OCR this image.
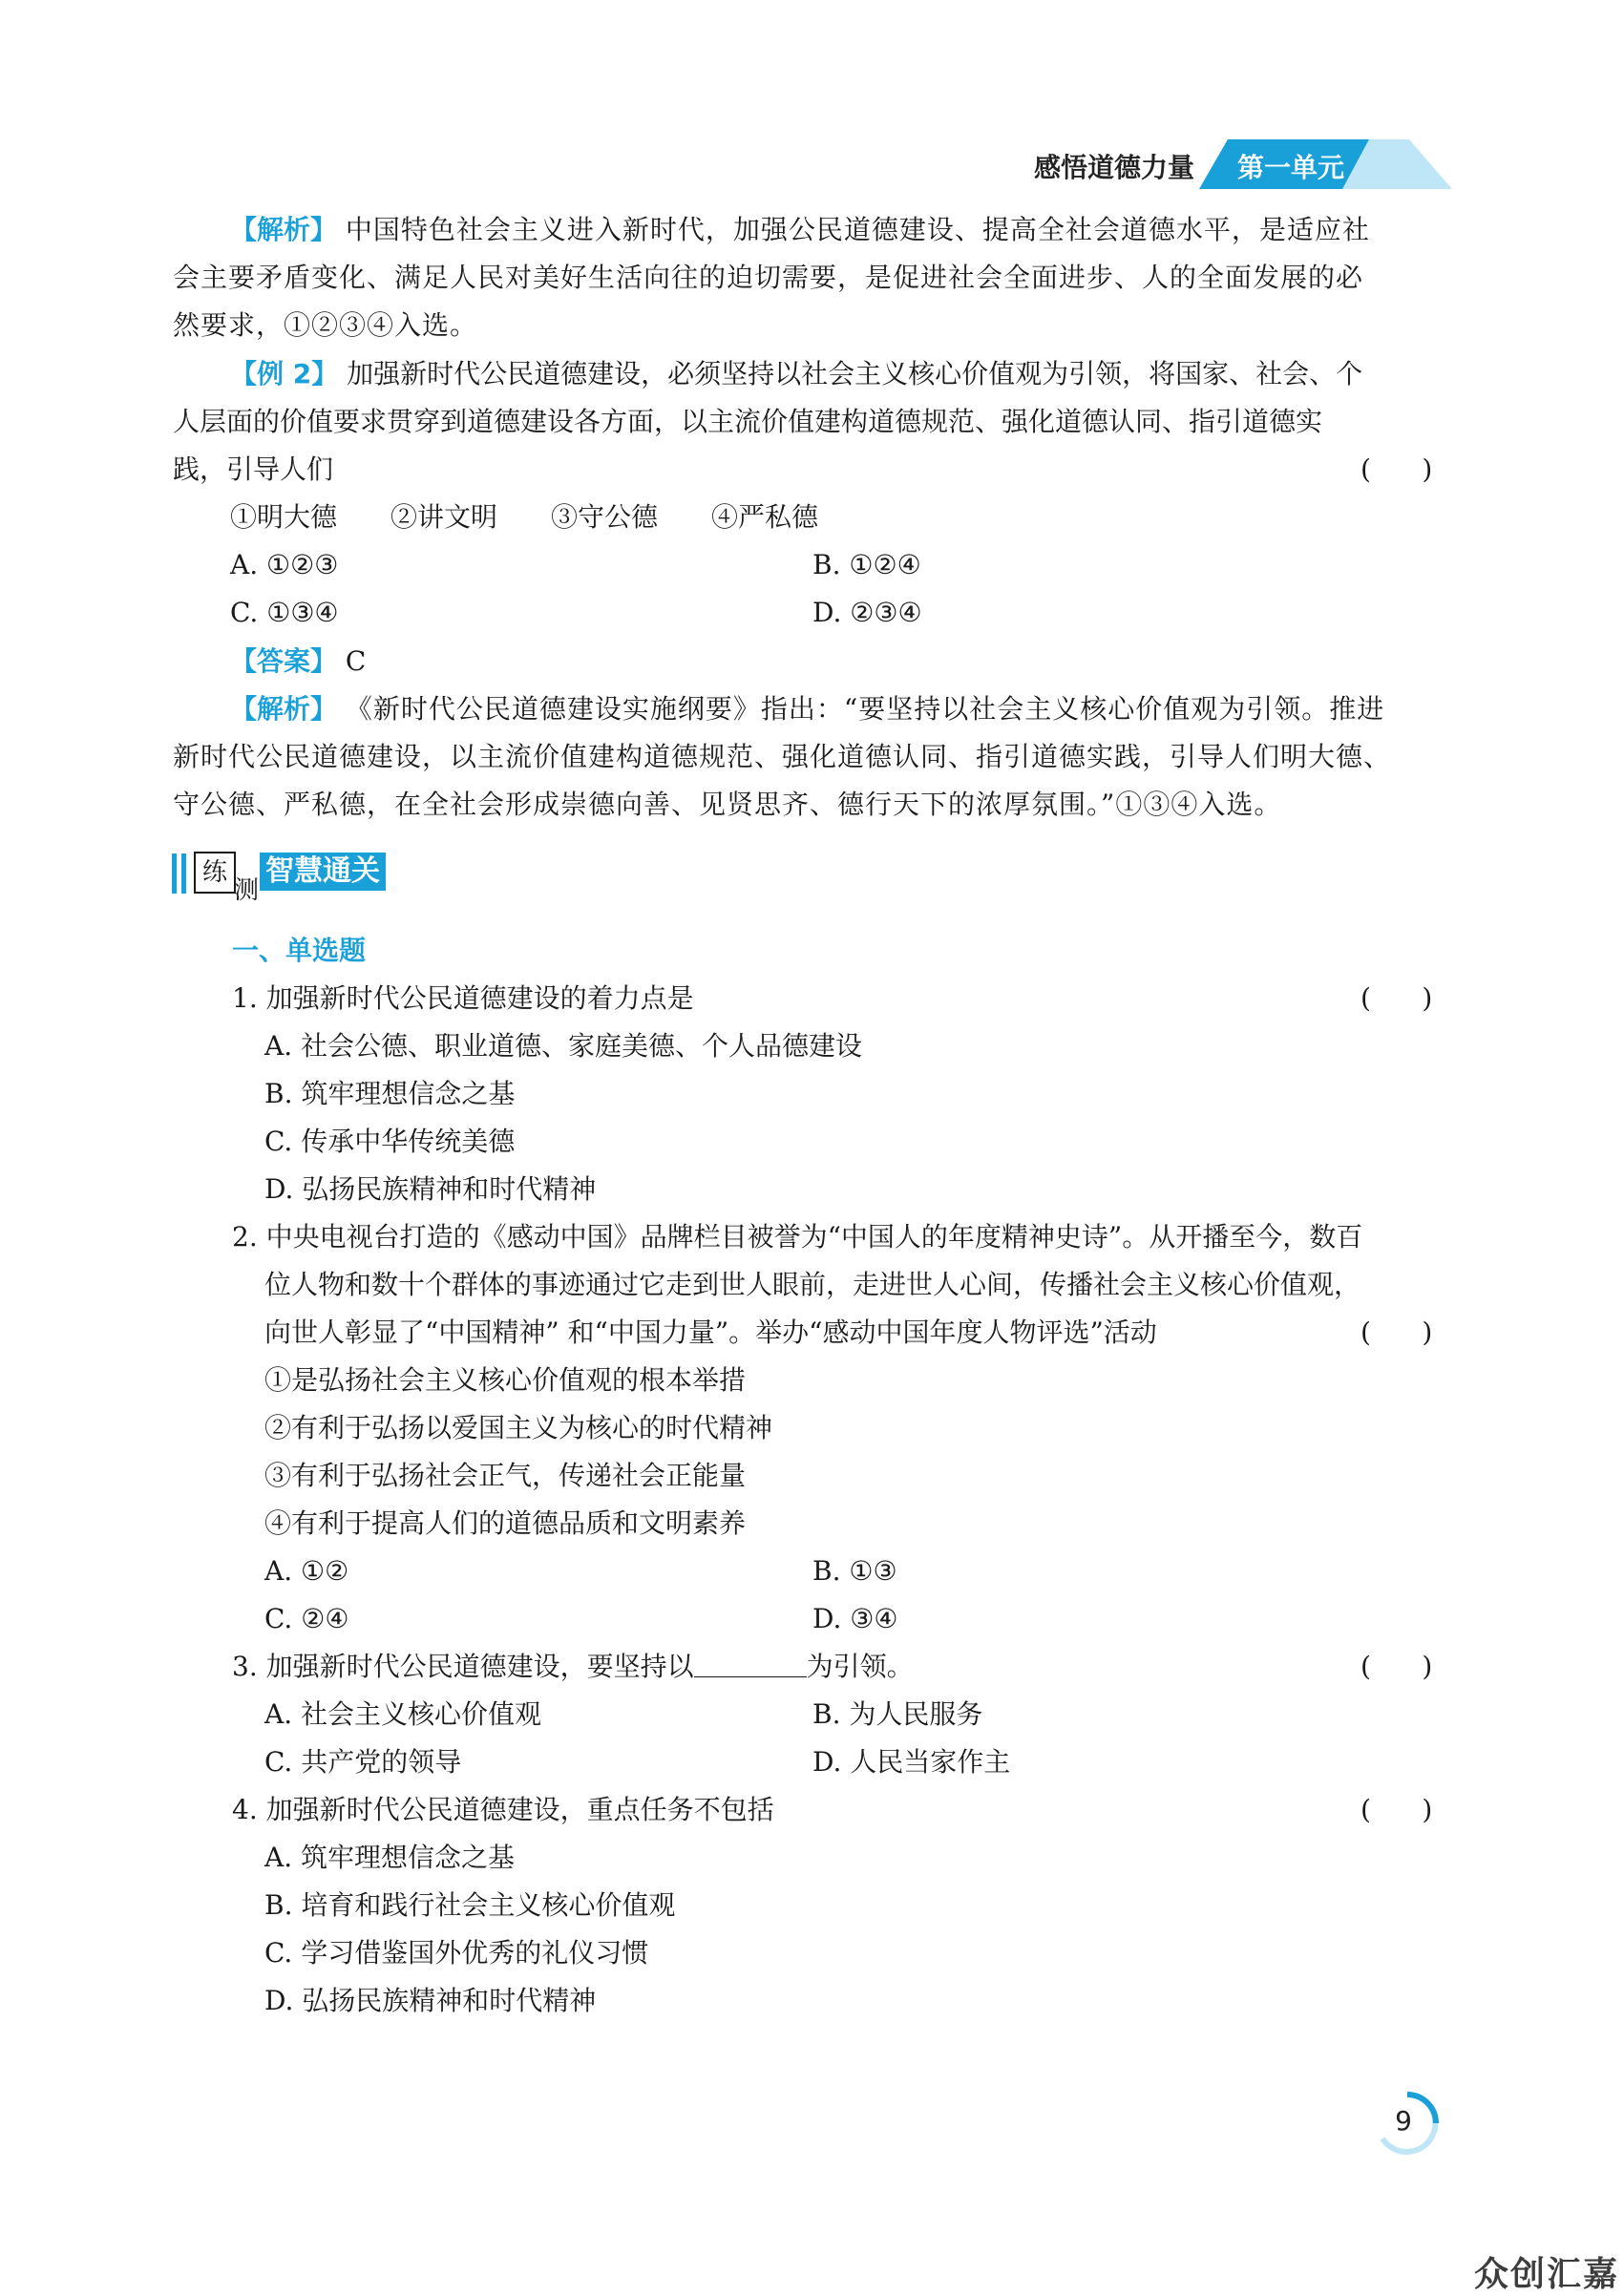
感悟道德力量 第一单元
【解析】 中国特色社会主义进入新时代，加强公民道德建设、提高全社会道德水平，是适应社
会主要矛盾变化、满足人民对美好生活向往的迫切需要，是促进社会全面进步、人的全面发展的必
然要求，①②③④入选。
【例 2】 加强新时代公民道德建设，必须坚持以社会主义核心价值观为引领，将国家、社会、个
人层面的价值要求贯穿到道德建设各方面，以主流价值建构道德规范、强化道德认同、指引道德实
践，引导人们	(      )
①明大德　　②讲文明　　③守公德　　④严私德
A. ①②③	B. ①②④
C. ①③④	D. ②③④
【答案】 C
【解析】 《新时代公民道德建设实施纲要》指出：“要坚持以社会主义核心价值观为引领。推进
新时代公民道德建设，以主流价值建构道德规范、强化道德认同、指引道德实践，引导人们明大德、
守公德、严私德，在全社会形成崇德向善、见贤思齐、德行天下的浓厚氛围。”①③④入选。
练
测
智慧通关
一、单选题
1. 加强新时代公民道德建设的着力点是	(      )
A. 社会公德、职业道德、家庭美德、个人品德建设
B. 筑牢理想信念之基
C. 传承中华传统美德
D. 弘扬民族精神和时代精神
2. 中央电视台打造的《感动中国》品牌栏目被誉为“中国人的年度精神史诗”。从开播至今，数百
位人物和数十个群体的事迹通过它走到世人眼前，走进世人心间，传播社会主义核心价值观，
向世人彰显了“中国精神” 和“中国力量”。举办“感动中国年度人物评选”活动	(      )
①是弘扬社会主义核心价值观的根本举措
②有利于弘扬以爱国主义为核心的时代精神
③有利于弘扬社会正气，传递社会正能量
④有利于提高人们的道德品质和文明素养
A. ①②	B. ①③
C. ②④	D. ③④
3. 加强新时代公民道德建设，要坚持以	为引领。	(      )
A. 社会主义核心价值观	B. 为人民服务
C. 共产党的领导	D. 人民当家作主
4. 加强新时代公民道德建设，重点任务不包括	(      )
A. 筑牢理想信念之基
B. 培育和践行社会主义核心价值观
C. 学习借鉴国外优秀的礼仪习惯
D. 弘扬民族精神和时代精神
9
众创汇嘉
